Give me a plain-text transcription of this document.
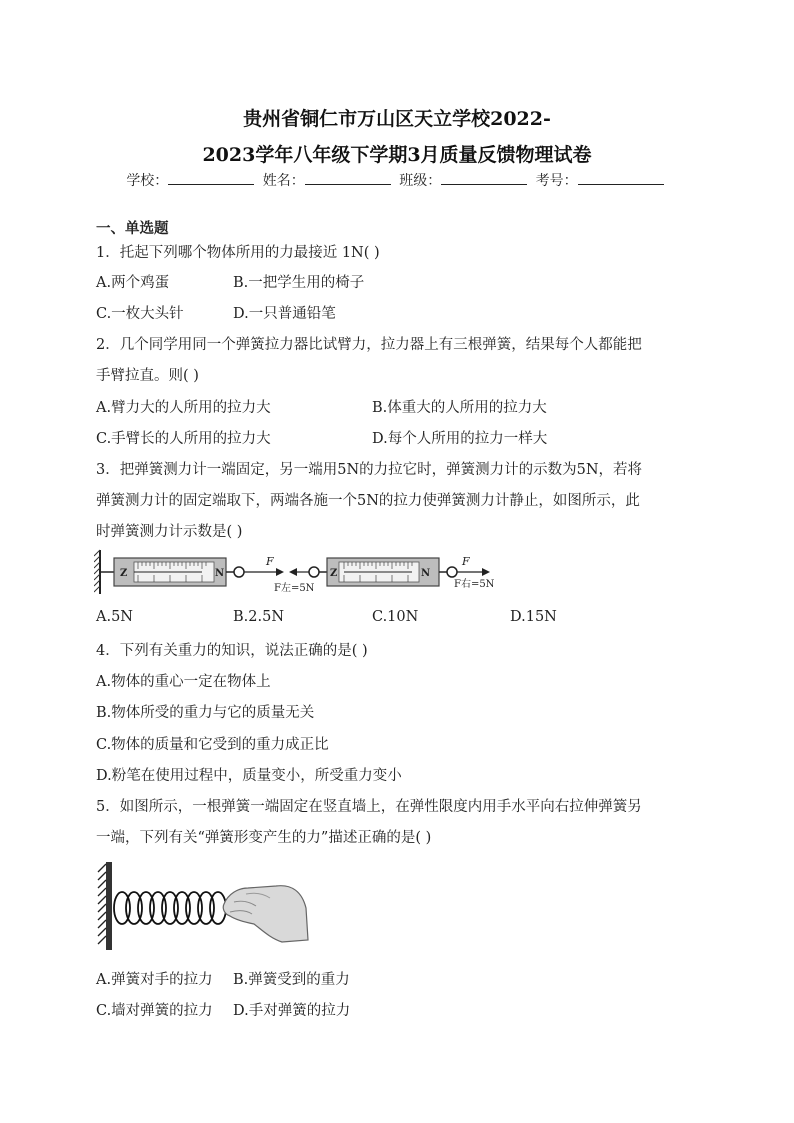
贵州省铜仁市万山区天立学校2022-
2023学年八年级下学期3月质量反馈物理试卷
学校：	姓名：	班级：	考号：
一、单选题
1．托起下列哪个物体所用的力最接近 1N( )
A.两个鸡蛋	B.一把学生用的椅子
C.一枚大头针	D.一只普通铅笔
2．几个同学用同一个弹簧拉力器比试臂力，拉力器上有三根弹簧，结果每个人都能把
手臂拉直。则( )
A.臂力大的人所用的拉力大	B.体重大的人所用的拉力大
C.手臂长的人所用的拉力大	D.每个人所用的拉力一样大
3．把弹簧测力计一端固定，另一端用5N的力拉它时，弹簧测力计的示数为5N，若将
弹簧测力计的固定端取下，两端各施一个5N的拉力使弹簧测力计静止，如图所示，此
时弹簧测力计示数是( )
Z	N
F
F左=5N
Z	N
F
F右=5N
A.5N	B.2.5N	C.10N	D.15N
4．下列有关重力的知识，说法正确的是( )
A.物体的重心一定在物体上
B.物体所受的重力与它的质量无关
C.物体的质量和它受到的重力成正比
D.粉笔在使用过程中，质量变小，所受重力变小
5．如图所示，一根弹簧一端固定在竖直墙上，在弹性限度内用手水平向右拉伸弹簧另
一端，下列有关“弹簧形变产生的力”描述正确的是( )
A.弹簧对手的拉力 B.弹簧受到的重力
C.墙对弹簧的拉力 D.手对弹簧的拉力
